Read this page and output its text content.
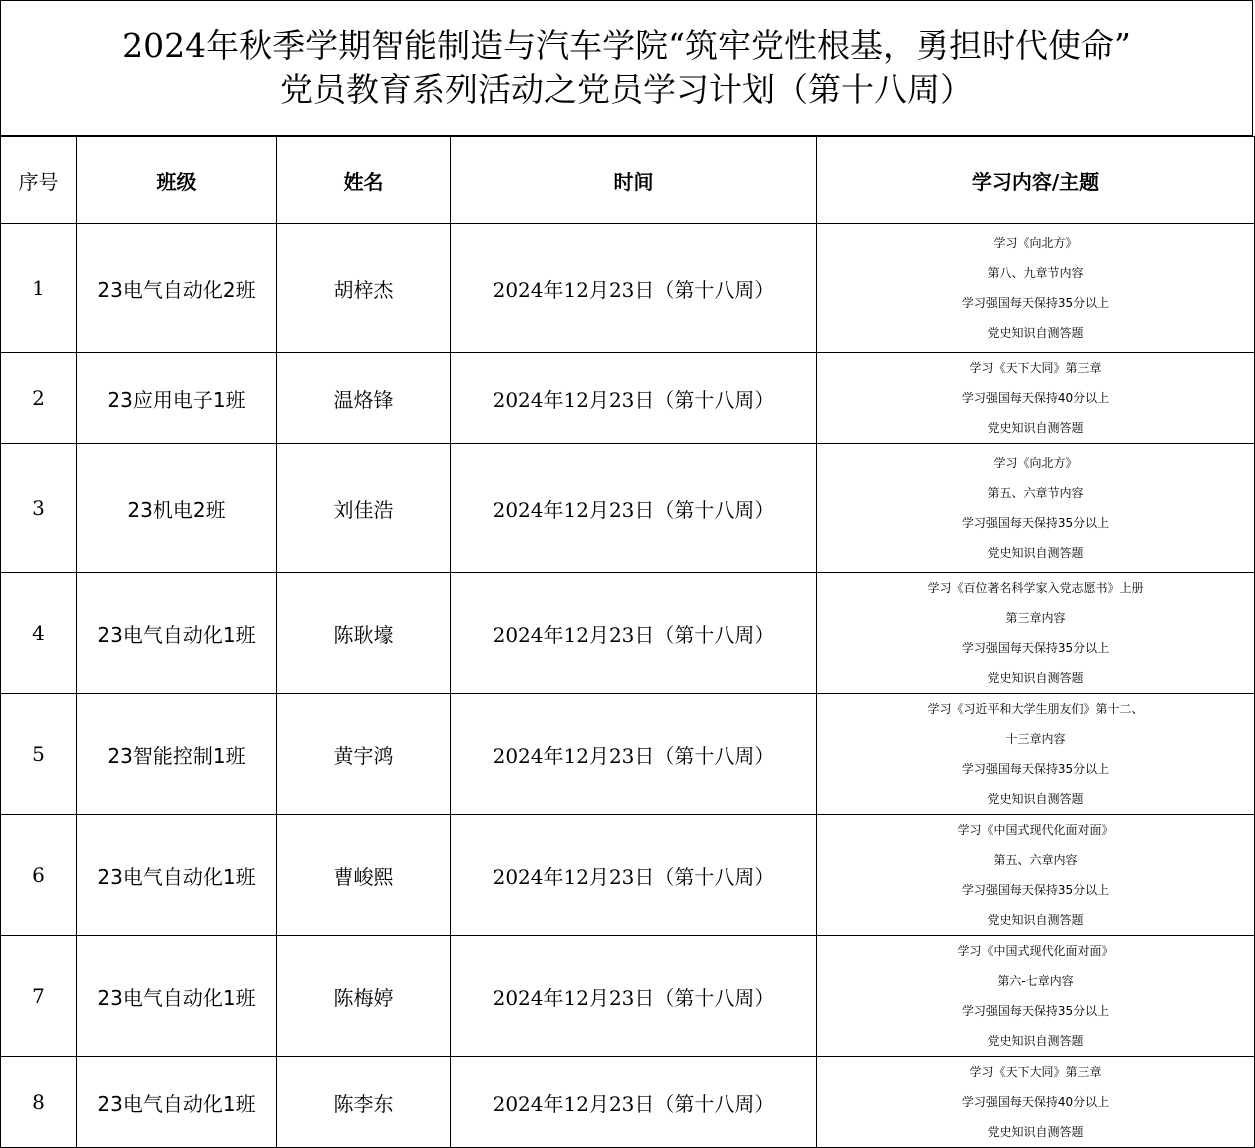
2024年秋季学期智能制造与汽车学院“筑牢党性根基，勇担时代使命”
党员教育系列活动之党员学习计划（第十八周）
序号	班级	姓名	时间	学习内容/主题
1	23电气自动化2班	胡梓杰	2024年12月23日（第十八周）	学习《向北方》
第八、九章节内容
学习强国每天保持35分以上
党史知识自测答题

2	23应用电子1班	温烙锋	2024年12月23日（第十八周）	学习《天下大同》第三章
学习强国每天保持40分以上
党史知识自测答题

3	23机电2班	刘佳浩	2024年12月23日（第十八周）	学习《向北方》
第五、六章节内容
学习强国每天保持35分以上
党史知识自测答题

4	23电气自动化1班	陈耿壕	2024年12月23日（第十八周）	学习《百位著名科学家入党志愿书》上册
第三章内容
学习强国每天保持35分以上
党史知识自测答题

5	23智能控制1班	黄宇鸿	2024年12月23日（第十八周）	学习《习近平和大学生朋友们》第十二、
十三章内容
学习强国每天保持35分以上
党史知识自测答题

6	23电气自动化1班	曹峻熙	2024年12月23日（第十八周）	学习《中国式现代化面对面》
第五、六章内容
学习强国每天保持35分以上
党史知识自测答题

7	23电气自动化1班	陈梅婷	2024年12月23日（第十八周）	学习《中国式现代化面对面》
第六-七章内容
学习强国每天保持35分以上
党史知识自测答题

8	23电气自动化1班	陈李东	2024年12月23日（第十八周）	学习《天下大同》第三章
学习强国每天保持40分以上
党史知识自测答题
